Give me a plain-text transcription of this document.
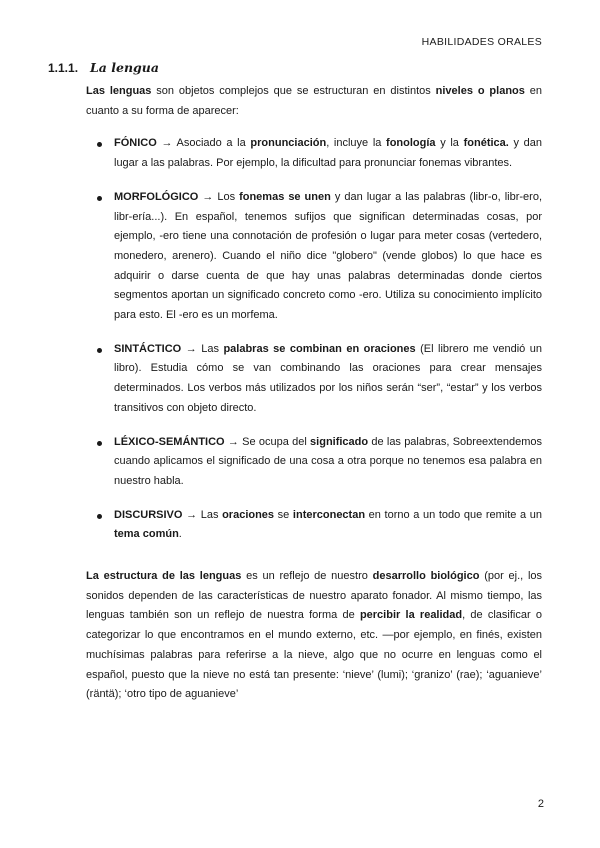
HABILIDADES ORALES
1.1.1. La lengua

Las lenguas son objetos complejos que se estructuran en distintos niveles o planos en cuanto a su forma de aparecer:

FÓNICO → Asociado a la pronunciación, incluye la fonología y la fonética. y dan lugar a las palabras. Por ejemplo, la dificultad para pronunciar fonemas vibrantes.
MORFOLÓGICO → Los fonemas se unen y dan lugar a las palabras (libr-o, libr-ero, libr-ería...). En español, tenemos sufijos que significan determinadas cosas, por ejemplo, -ero tiene una connotación de profesión o lugar para meter cosas (vertedero, monedero, arenero). Cuando el niño dice "globero" (vende globos) lo que hace es adquirir o darse cuenta de que hay unas palabras determinadas donde ciertos segmentos aportan un significado concreto como -ero. Utiliza su conocimiento implícito para esto. El -ero es un morfema.
SINTÁCTICO → Las palabras se combinan en oraciones (El librero me vendió un libro). Estudia cómo se van combinando las oraciones para crear mensajes determinados. Los verbos más utilizados por los niños serán “ser”, “estar” y los verbos transitivos con objeto directo.
LÉXICO-SEMÁNTICO → Se ocupa del significado de las palabras, Sobreextendemos cuando aplicamos el significado de una cosa a otra porque no tenemos esa palabra en nuestro habla.
DISCURSIVO → Las oraciones se interconectan en torno a un todo que remite a un tema común.

La estructura de las lenguas es un reflejo de nuestro desarrollo biológico (por ej., los sonidos dependen de las características de nuestro aparato fonador. Al mismo tiempo, las lenguas también son un reflejo de nuestra forma de percibir la realidad, de clasificar o categorizar lo que encontramos en el mundo externo, etc. —por ejemplo, en finés, existen muchísimas palabras para referirse a la nieve, algo que no ocurre en lenguas como el español, puesto que la nieve no está tan presente: ‘nieve’ (lumi); ‘granizo’ (rae); ‘aguanieve’ (räntä); ‘otro tipo de aguanieve’

2
